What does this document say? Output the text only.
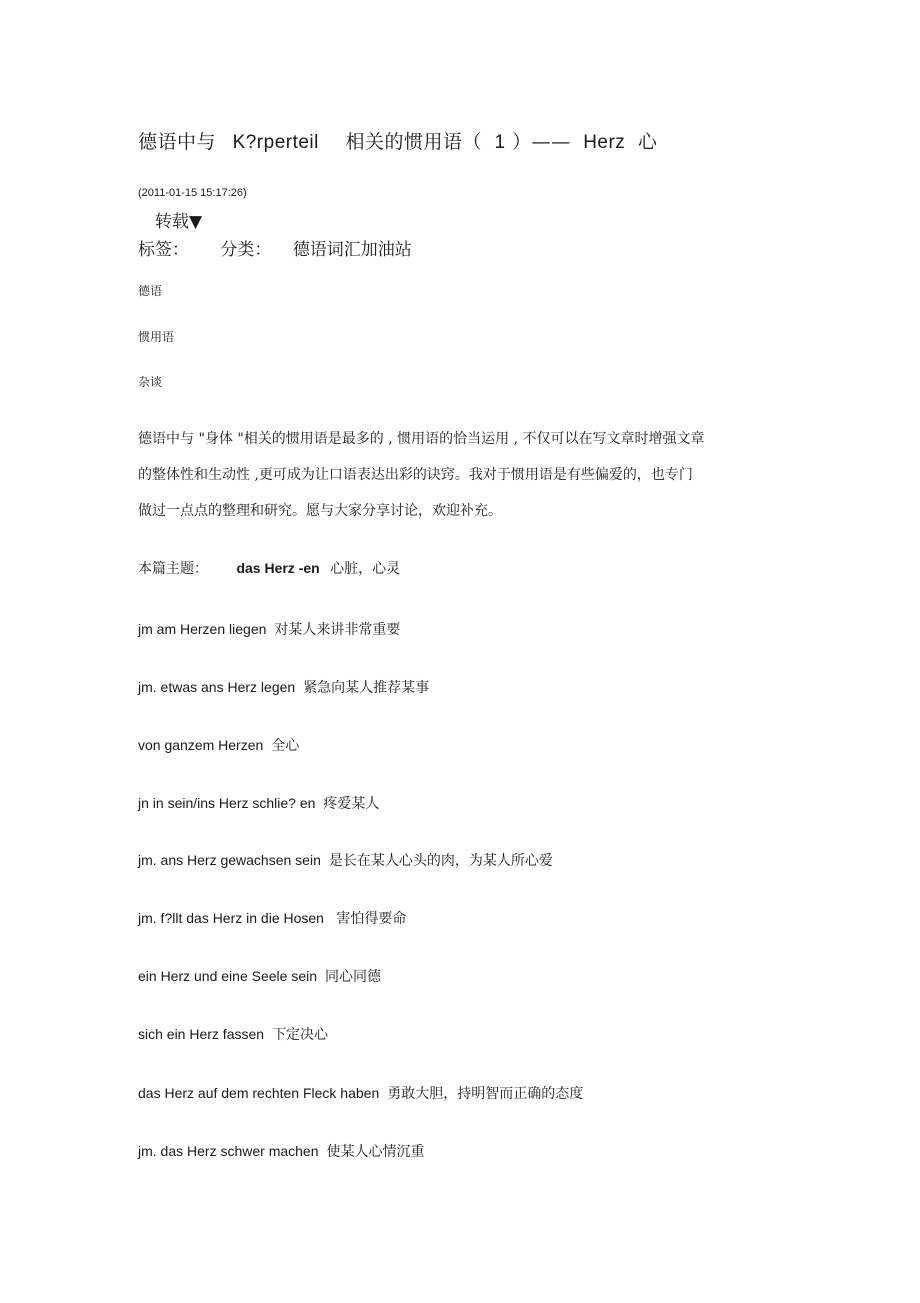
德语中与 K?rperteil 相关的惯用语（ 1 ）—— Herz 心
(2011-01-15 15:17:26)
转载▼
标签： 分类： 德语词汇加油站
德语
惯用语
杂谈
德语中与 "身体 "相关的惯用语是最多的 , 惯用语的恰当运用 , 不仅可以在写文章时增强文章
的整体性和生动性 ,更可成为让口语表达出彩的诀窍。我对于惯用语是有些偏爱的，也专门
做过一点点的整理和研究。愿与大家分享讨论，欢迎补充。
本篇主题： das Herz -en 心脏，心灵
jm am Herzen liegen 对某人来讲非常重要
jm. etwas ans Herz legen 紧急向某人推荐某事
von ganzem Herzen 全心
jn in sein/ins Herz schlie? en 疼爱某人
jm. ans Herz gewachsen sein 是长在某人心头的肉，为某人所心爱
jm. f?llt das Herz in die Hosen 害怕得要命
ein Herz und eine Seele sein 同心同德
sich ein Herz fassen 下定决心
das Herz auf dem rechten Fleck haben 勇敢大胆，持明智而正确的态度
jm. das Herz schwer machen 使某人心情沉重
